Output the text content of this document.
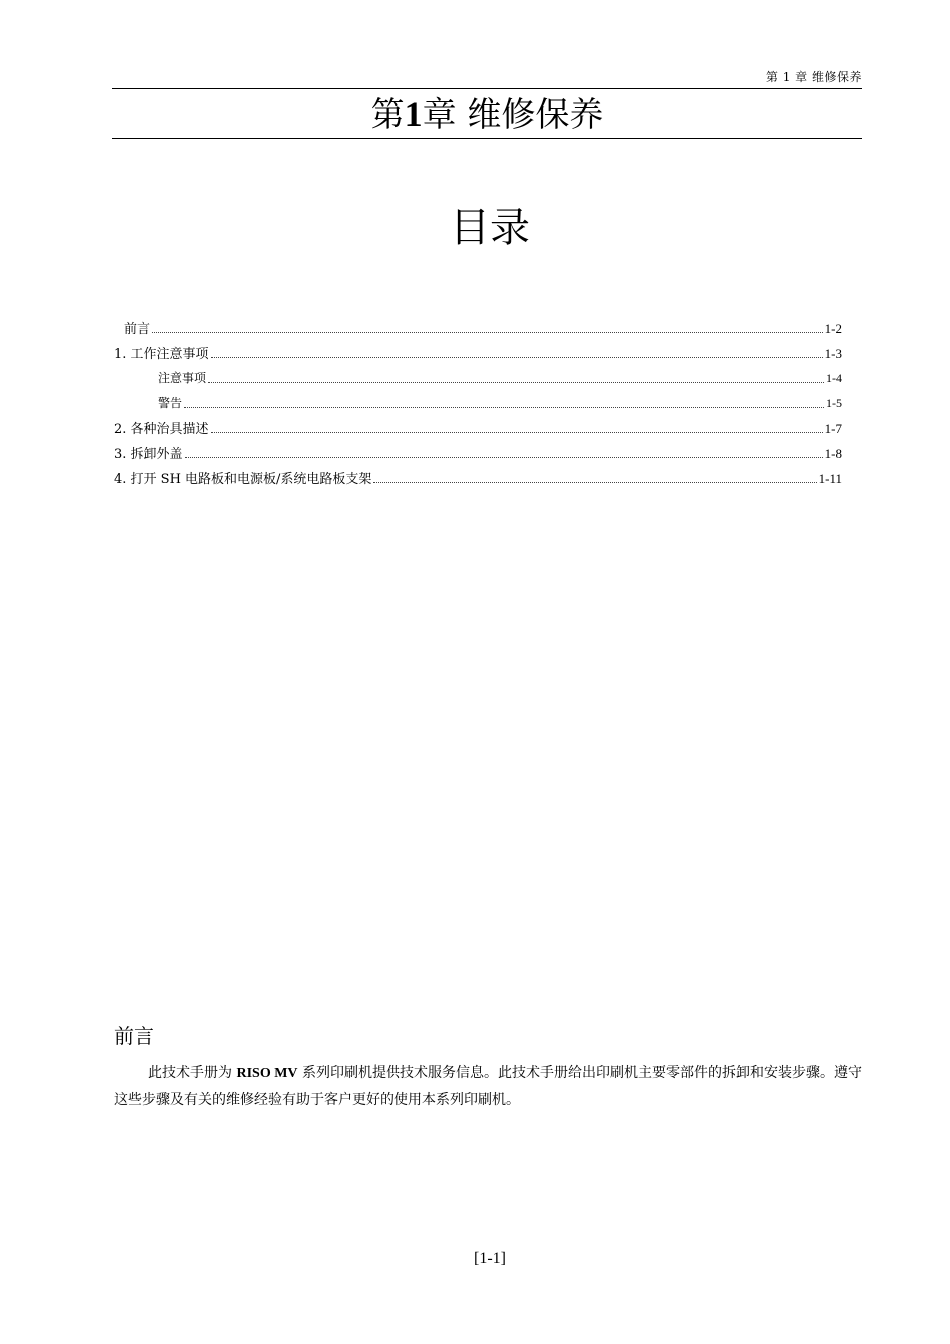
第 1 章 维修保养
第1章 维修保养
目录
前言	1-2
1. 工作注意事项	1-3
注意事项	1-4
警告	1-5
2. 各种治具描述	1-7
3. 拆卸外盖	1-8
4. 打开 SH 电路板和电源板/系统电路板支架	1-11
前言

此技术手册为 RISO MV 系列印刷机提供技术服务信息。此技术手册给出印刷机主要零部件的拆卸和安装步骤。遵守这些步骤及有关的维修经验有助于客户更好的使用本系列印刷机。

[1-1]
